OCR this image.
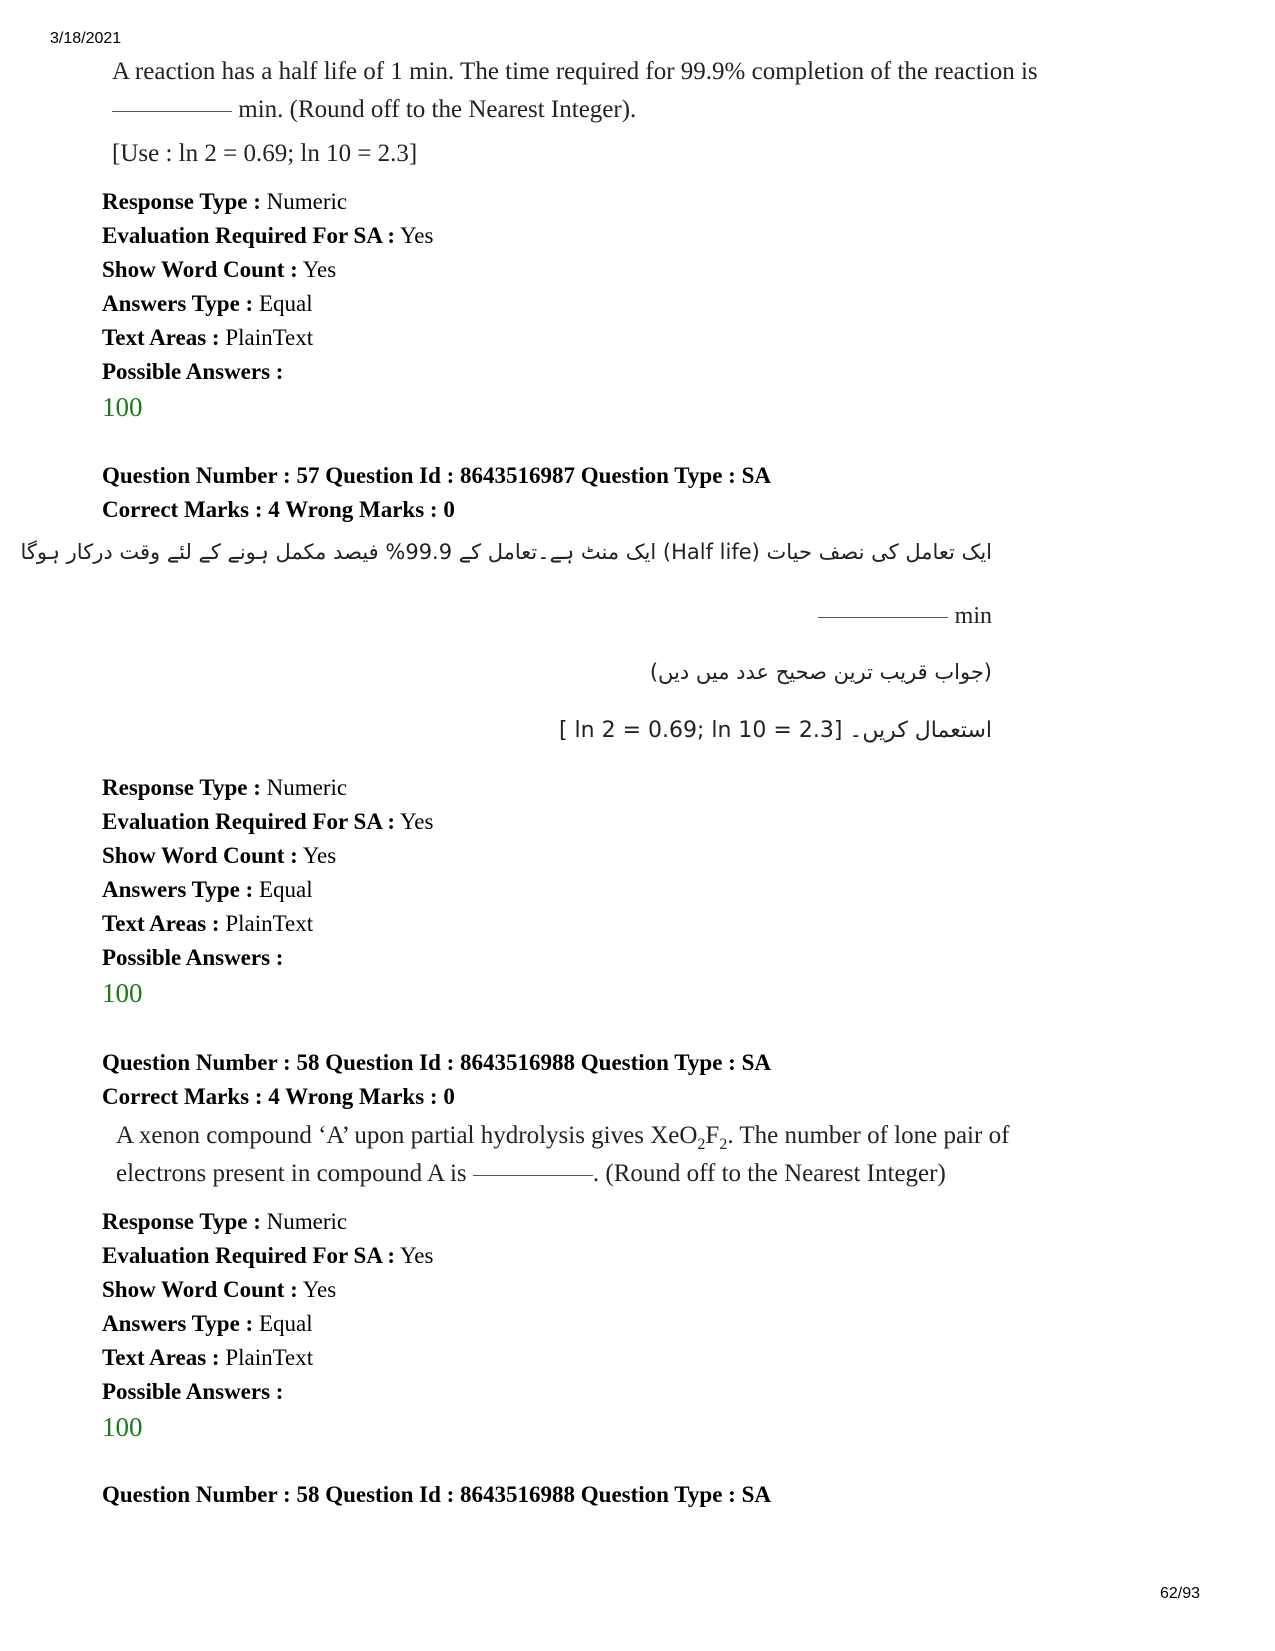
3/18/2021
A reaction has a half life of 1 min. The time required for 99.9% completion of the reaction is
min. (Round off to the Nearest Integer).
[Use : ln 2 = 0.69; ln 10 = 2.3]
Response Type : Numeric
Evaluation Required For SA : Yes
Show Word Count : Yes
Answers Type : Equal
Text Areas : PlainText
Possible Answers :
100
Question Number : 57 Question Id : 8643516987 Question Type : SA
Correct Marks : 4 Wrong Marks : 0
ایک تعامل کی نصف حیات (Half life) ایک منٹ ہے۔تعامل کے 99.9% فیصد مکمل ہونے کے لئے وقت درکار ہوگا
min
(جواب قریب ترین صحیح عدد میں دیں)
[ ln 2 = 0.69; ln 10 = 2.3] استعمال کریں۔
Response Type : Numeric
Evaluation Required For SA : Yes
Show Word Count : Yes
Answers Type : Equal
Text Areas : PlainText
Possible Answers :
100
Question Number : 58 Question Id : 8643516988 Question Type : SA
Correct Marks : 4 Wrong Marks : 0
A xenon compound ‘A’ upon partial hydrolysis gives $XeO_2F_2$. The number of lone pair of
electrons present in compound A is	. (Round off to the Nearest Integer)
Response Type : Numeric
Evaluation Required For SA : Yes
Show Word Count : Yes
Answers Type : Equal
Text Areas : PlainText
Possible Answers :
100
Question Number : 58 Question Id : 8643516988 Question Type : SA
62/93
